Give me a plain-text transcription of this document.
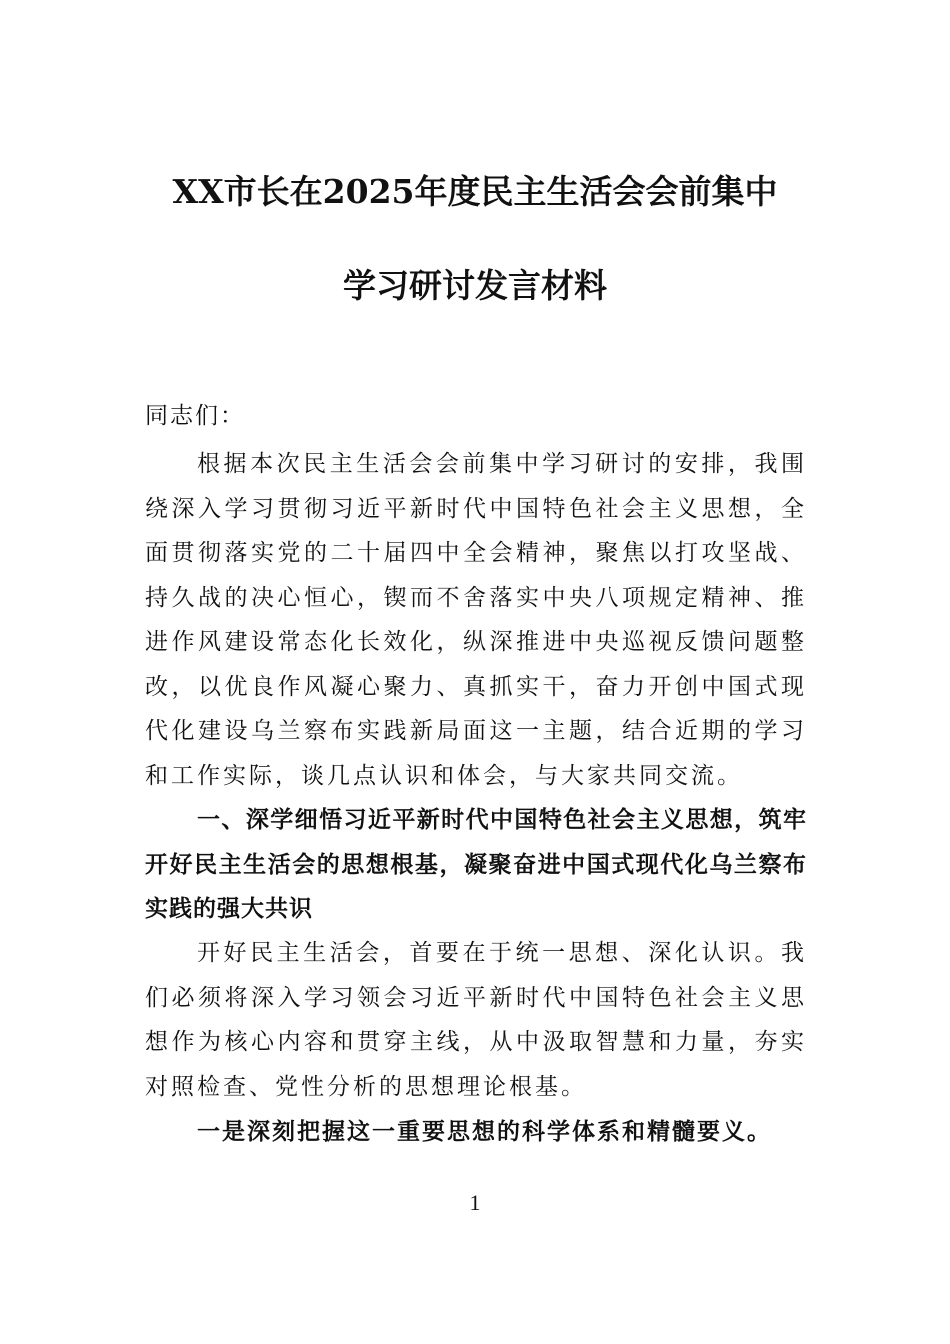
XX市长在2025年度民主生活会会前集中
学习研讨发言材料
同志们：
根据本次民主生活会会前集中学习研讨的安排，我围绕深入学习贯彻习近平新时代中国特色社会主义思想，全面贯彻落实党的二十届四中全会精神，聚焦以打攻坚战、持久战的决心恒心，锲而不舍落实中央八项规定精神、推进作风建设常态化长效化，纵深推进中央巡视反馈问题整改，以优良作风凝心聚力、真抓实干，奋力开创中国式现代化建设乌兰察布实践新局面这一主题，结合近期的学习和工作实际，谈几点认识和体会，与大家共同交流。
一、深学细悟习近平新时代中国特色社会主义思想，筑牢开好民主生活会的思想根基，凝聚奋进中国式现代化乌兰察布实践的强大共识
开好民主生活会，首要在于统一思想、深化认识。我们必须将深入学习领会习近平新时代中国特色社会主义思想作为核心内容和贯穿主线，从中汲取智慧和力量，夯实对照检查、党性分析的思想理论根基。
一是深刻把握这一重要思想的科学体系和精髓要义。
1
